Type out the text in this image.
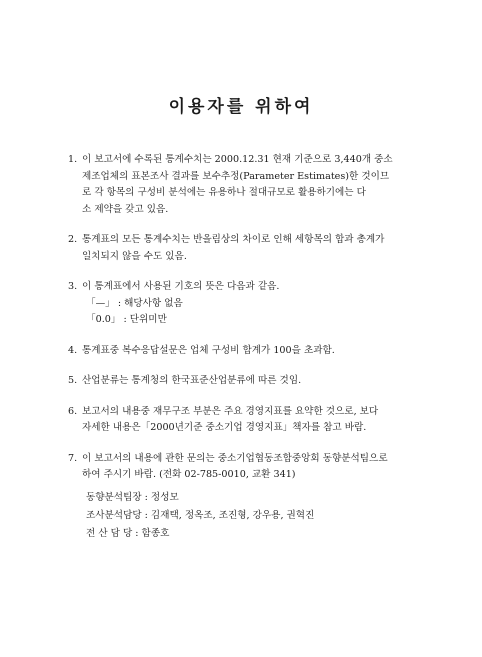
이용자를 위하여
1. 이 보고서에 수록된 통계수치는 2000.12.31 현재 기준으로 3,440개 중소
제조업체의 표본조사 결과를 보수추정(Parameter Estimates)한 것이므
로 각 항목의 구성비 분석에는 유용하나 절대규모로 활용하기에는 다
소 제약을 갖고 있음.
2. 통계표의 모든 통계수치는 반올림상의 차이로 인해 세항목의 합과 총계가
일치되지 않을 수도 있음.
3. 이 통계표에서 사용된 기호의 뜻은 다음과 같음.
「—」 : 해당사항 없음
「0.0」 : 단위미만
4. 통계표중 복수응답설문은 업체 구성비 합계가 100을 초과함.
5. 산업분류는 통계청의 한국표준산업분류에 따른 것임.
6. 보고서의 내용중 재무구조 부분은 주요 경영지표를 요약한 것으로, 보다
자세한 내용은「2000년기준 중소기업 경영지표」책자를 참고 바람.
7. 이 보고서의 내용에 관한 문의는 중소기업협동조합중앙회 동향분석팀으로
하여 주시기 바람. (전화 02-785-0010, 교환 341)
동향분석팀장 : 정성모
조사분석담당 : 김재택, 정옥조, 조진형, 강우용, 권혁진
전 산 담 당 : 함종호
